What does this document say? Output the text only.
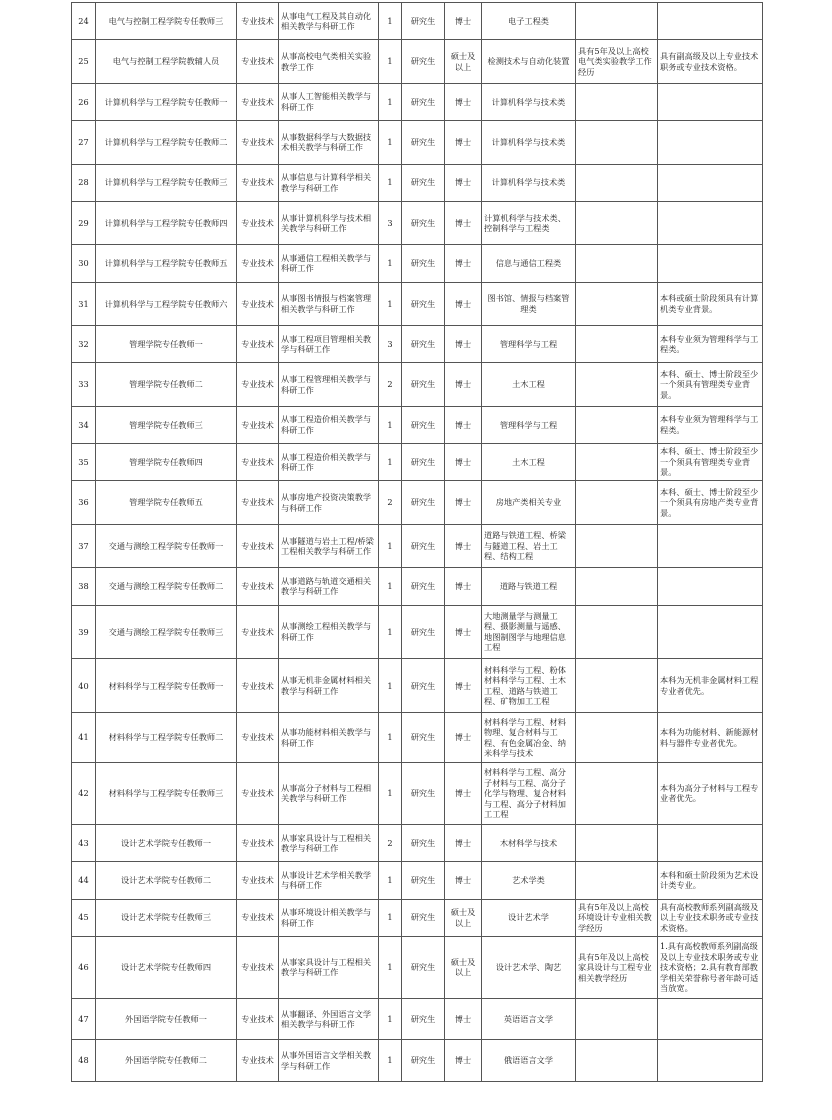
24	电气与控制工程学院专任教师三	专业技术	从事电气工程及其自动化相关教学与科研工作	1	研究生	博士	电子工程类		
25	电气与控制工程学院教辅人员	专业技术	从事高校电气类相关实验教学工作	1	研究生	硕士及以上	检测技术与自动化装置	具有5年及以上高校电气类实验教学工作经历	具有副高级及以上专业技术职务或专业技术资格。
26	计算机科学与工程学院专任教师一	专业技术	从事人工智能相关教学与科研工作	1	研究生	博士	计算机科学与技术类		
27	计算机科学与工程学院专任教师二	专业技术	从事数据科学与大数据技术相关教学与科研工作	1	研究生	博士	计算机科学与技术类		
28	计算机科学与工程学院专任教师三	专业技术	从事信息与计算科学相关教学与科研工作	1	研究生	博士	计算机科学与技术类		
29	计算机科学与工程学院专任教师四	专业技术	从事计算机科学与技术相关教学与科研工作	3	研究生	博士	计算机科学与技术类、控制科学与工程类		
30	计算机科学与工程学院专任教师五	专业技术	从事通信工程相关教学与科研工作	1	研究生	博士	信息与通信工程类		
31	计算机科学与工程学院专任教师六	专业技术	从事图书情报与档案管理相关教学与科研工作	1	研究生	博士	图书馆、情报与档案管理类		本科或硕士阶段须具有计算机类专业背景。
32	管理学院专任教师一	专业技术	从事工程项目管理相关教学与科研工作	3	研究生	博士	管理科学与工程		本科专业须为管理科学与工程类。
33	管理学院专任教师二	专业技术	从事工程管理相关教学与科研工作	2	研究生	博士	土木工程		本科、硕士、博士阶段至少一个须具有管理类专业背景。
34	管理学院专任教师三	专业技术	从事工程造价相关教学与科研工作	1	研究生	博士	管理科学与工程		本科专业须为管理科学与工程类。
35	管理学院专任教师四	专业技术	从事工程造价相关教学与科研工作	1	研究生	博士	土木工程		本科、硕士、博士阶段至少一个须具有管理类专业背景。
36	管理学院专任教师五	专业技术	从事房地产投资决策教学与科研工作	2	研究生	博士	房地产类相关专业		本科、硕士、博士阶段至少一个须具有房地产类专业背景。
37	交通与测绘工程学院专任教师一	专业技术	从事隧道与岩土工程/桥梁工程相关教学与科研工作	1	研究生	博士	道路与铁道工程、桥梁与隧道工程、岩土工程、结构工程		
38	交通与测绘工程学院专任教师二	专业技术	从事道路与轨道交通相关教学与科研工作	1	研究生	博士	道路与铁道工程		
39	交通与测绘工程学院专任教师三	专业技术	从事测绘工程相关教学与科研工作	1	研究生	博士	大地测量学与测量工程、摄影测量与遥感、地图制图学与地理信息工程		
40	材料科学与工程学院专任教师一	专业技术	从事无机非金属材料相关教学与科研工作	1	研究生	博士	材料科学与工程、粉体材料科学与工程、土木工程、道路与铁道工程、矿物加工工程		本科为无机非金属材料工程专业者优先。
41	材料科学与工程学院专任教师二	专业技术	从事功能材料相关教学与科研工作	1	研究生	博士	材料科学与工程、材料物理、复合材料与工程、有色金属冶金、纳米科学与技术		本科为功能材料、新能源材料与器件专业者优先。
42	材料科学与工程学院专任教师三	专业技术	从事高分子材料与工程相关教学与科研工作	1	研究生	博士	材料科学与工程、高分子材料与工程、高分子化学与物理、复合材料与工程、高分子材料加工工程		本科为高分子材料与工程专业者优先。
43	设计艺术学院专任教师一	专业技术	从事家具设计与工程相关教学与科研工作	2	研究生	博士	木材科学与技术		
44	设计艺术学院专任教师二	专业技术	从事设计艺术学相关教学与科研工作	1	研究生	博士	艺术学类		本科和硕士阶段须为艺术设计类专业。
45	设计艺术学院专任教师三	专业技术	从事环境设计相关教学与科研工作	1	研究生	硕士及以上	设计艺术学	具有5年及以上高校环境设计专业相关教学经历	具有高校教师系列副高级及以上专业技术职务或专业技术资格。
46	设计艺术学院专任教师四	专业技术	从事家具设计与工程相关教学与科研工作	1	研究生	硕士及以上	设计艺术学、陶艺	具有5年及以上高校家具设计与工程专业相关教学经历	1.具有高校教师系列副高级及以上专业技术职务或专业技术资格；2.具有教育部教学相关荣誉称号者年龄可适当放宽。
47	外国语学院专任教师一	专业技术	从事翻译、外国语言文学相关教学与科研工作	1	研究生	博士	英语语言文学		
48	外国语学院专任教师二	专业技术	从事外国语言文学相关教学与科研工作	1	研究生	博士	俄语语言文学		
